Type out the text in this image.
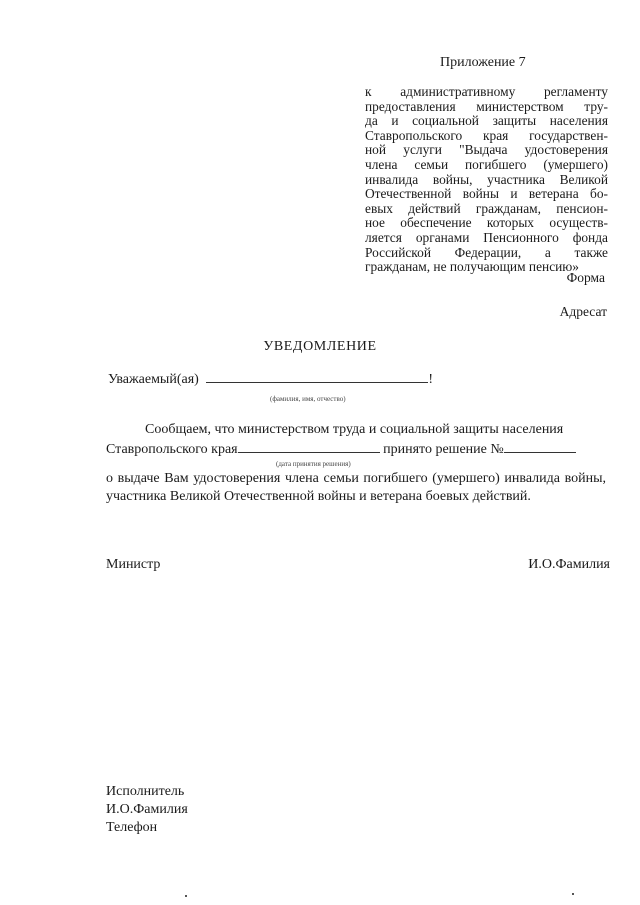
Приложение 7
к административному регламенту
предоставления министерством тру-
да и социальной защиты населения
Ставропольского края государствен-
ной услуги "Выдача удостоверения
члена семьи погибшего (умершего)
инвалида войны, участника Великой
Отечественной войны и ветерана бо-
евых действий гражданам, пенсион-
ное обеспечение которых осуществ-
ляется органами Пенсионного фонда
Российской Федерации, а также
гражданам, не получающим пенсию»
Форма
Адресат
УВЕДОМЛЕНИЕ
Уважаемый(ая)	!
(фамилия, имя, отчество)
Сообщаем, что министерством труда и социальной защиты населения
Ставропольского края	принято решение №
(дата принятия решения)
о выдаче Вам удостоверения члена семьи погибшего (умершего) инвалида войны, участника Великой Отечественной войны и ветерана боевых действий.
Министр	И.О.Фамилия
Исполнитель
И.О.Фамилия
Телефон
